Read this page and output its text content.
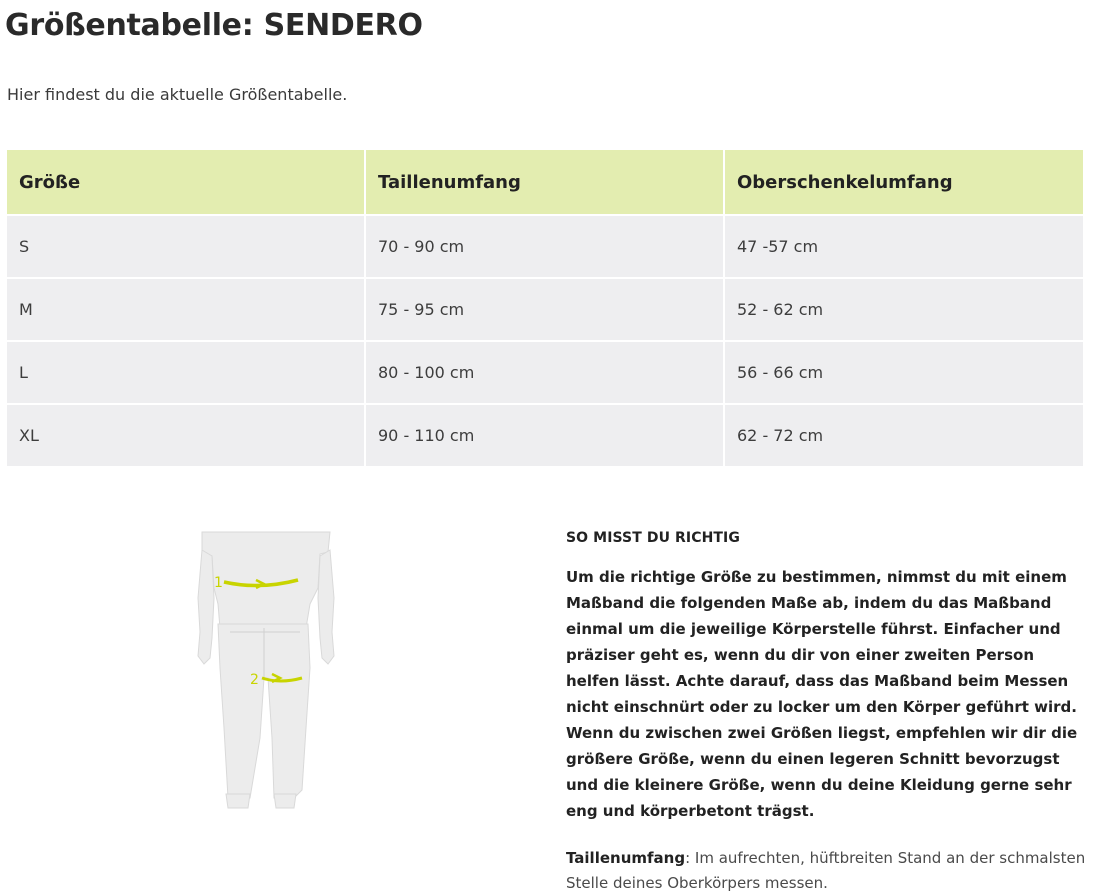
Größentabelle: SENDERO

Hier findest du die aktuelle Größentabelle.

Größe	Taillenumfang	Oberschenkelumfang
S	70 - 90 cm	47 -57 cm
M	75 - 95 cm	52 - 62 cm
L	80 - 100 cm	56 - 66 cm
XL	90 - 110 cm	62 - 72 cm
1
2
SO MISST DU RICHTIG

Um die richtige Größe zu bestimmen, nimmst du mit einem Maßband die folgenden Maße ab, indem du das Maßband einmal um die jeweilige Körperstelle führst. Einfacher und präziser geht es, wenn du dir von einer zweiten Person helfen lässt. Achte darauf, dass das Maßband beim Messen nicht einschnürt oder zu locker um den Körper geführt wird. Wenn du zwischen zwei Größen liegst, empfehlen wir dir die größere Größe, wenn du einen legeren Schnitt bevorzugst und die kleinere Größe, wenn du deine Kleidung gerne sehr eng und körperbetont trägst.

Taillenumfang: Im aufrechten, hüftbreiten Stand an der schmalsten Stelle deines Oberkörpers messen.
